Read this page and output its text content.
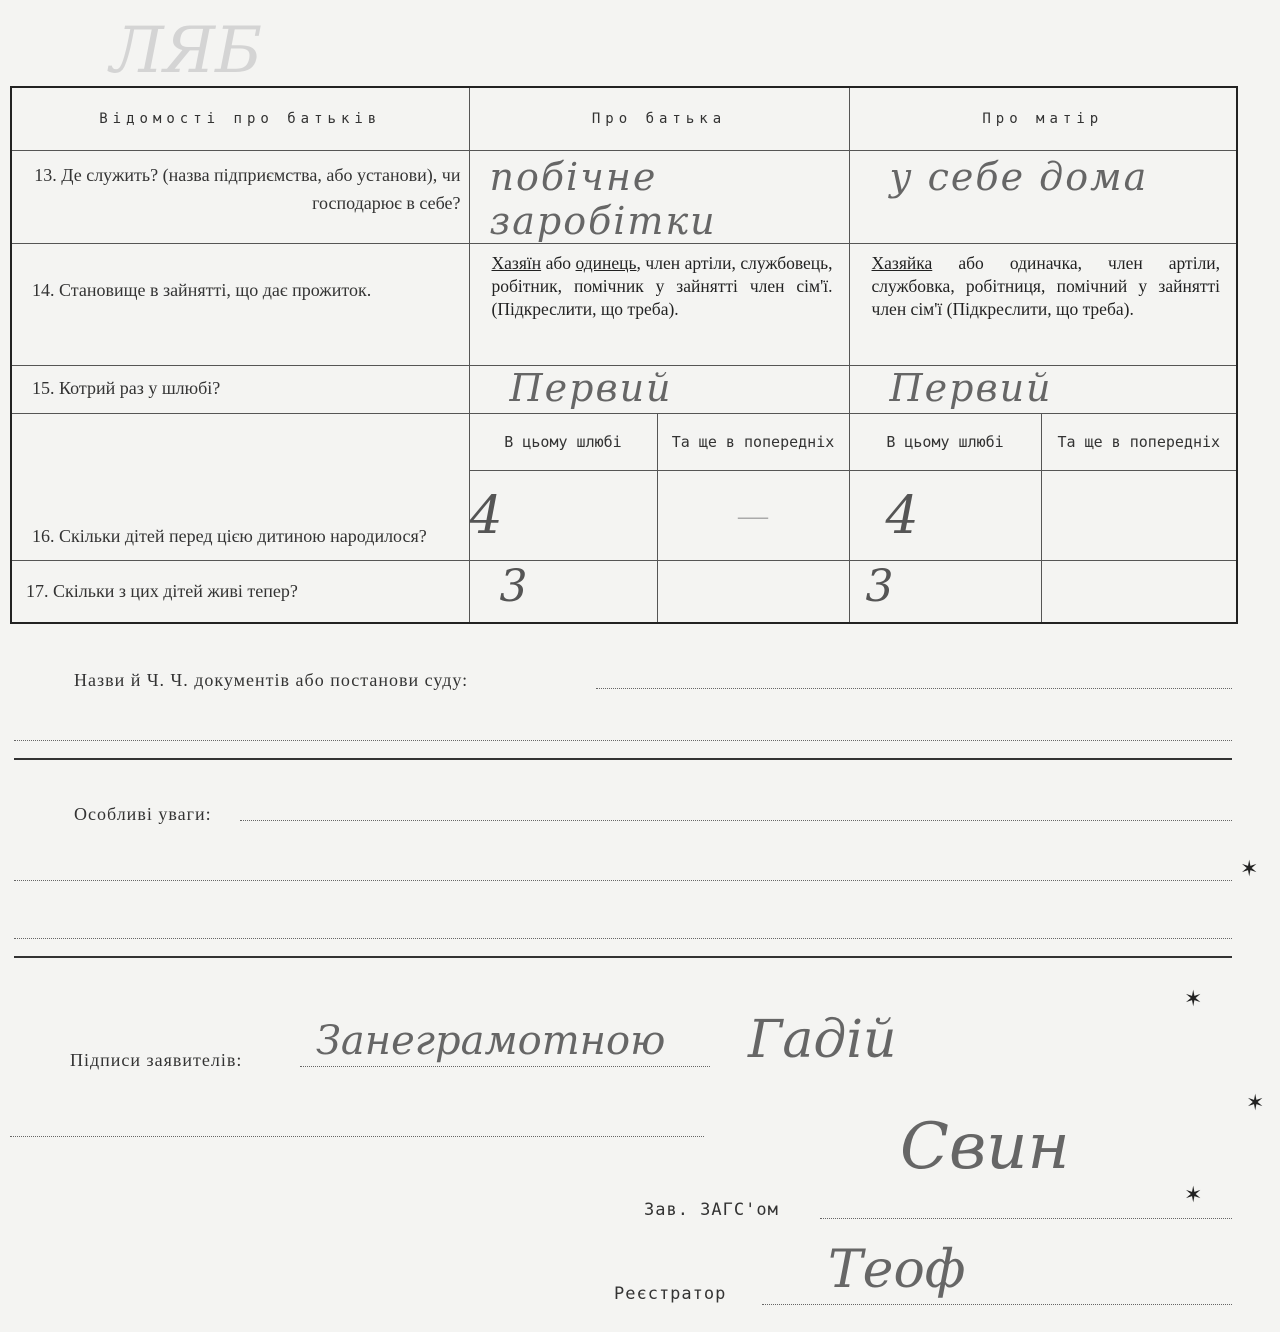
ЛЯБ
Відомості про батьків	Про батька		Про матір	
13. Де служить? (назва підприємства, або установи), чи господарює в себе?	побічне заробітки		у себе дома	

14. Становище в зайнятті, що дає прожиток.	Хазяїн або одинець, член артіли, службовець, робітник, помічник у зайнятті член сім'ї. (Підкреслити, що треба).		Хазяйка або одиначка, член артіли, службовка, робітниця, помічний у зайнятті член сім'ї (Підкреслити, що треба).	
15. Котрий раз у шлюбі?	Первий		Первий	

16. Скільки дітей перед цією дитиною народилося?	В цьому шлюбі	Та ще в попередніх	В цьому шлюбі	Та ще в попередніх
	4	—	4	
17. Скільки з цих дітей живі тепер?	3		3	
Назви й Ч. Ч. документів або постанови суду:
Особливі уваги:
Підписи заявителів: Занеграмотною Гадій
Зав. ЗАГС'ом
Свин
Реєстратор Теоф
✶
✶
✶
✶
